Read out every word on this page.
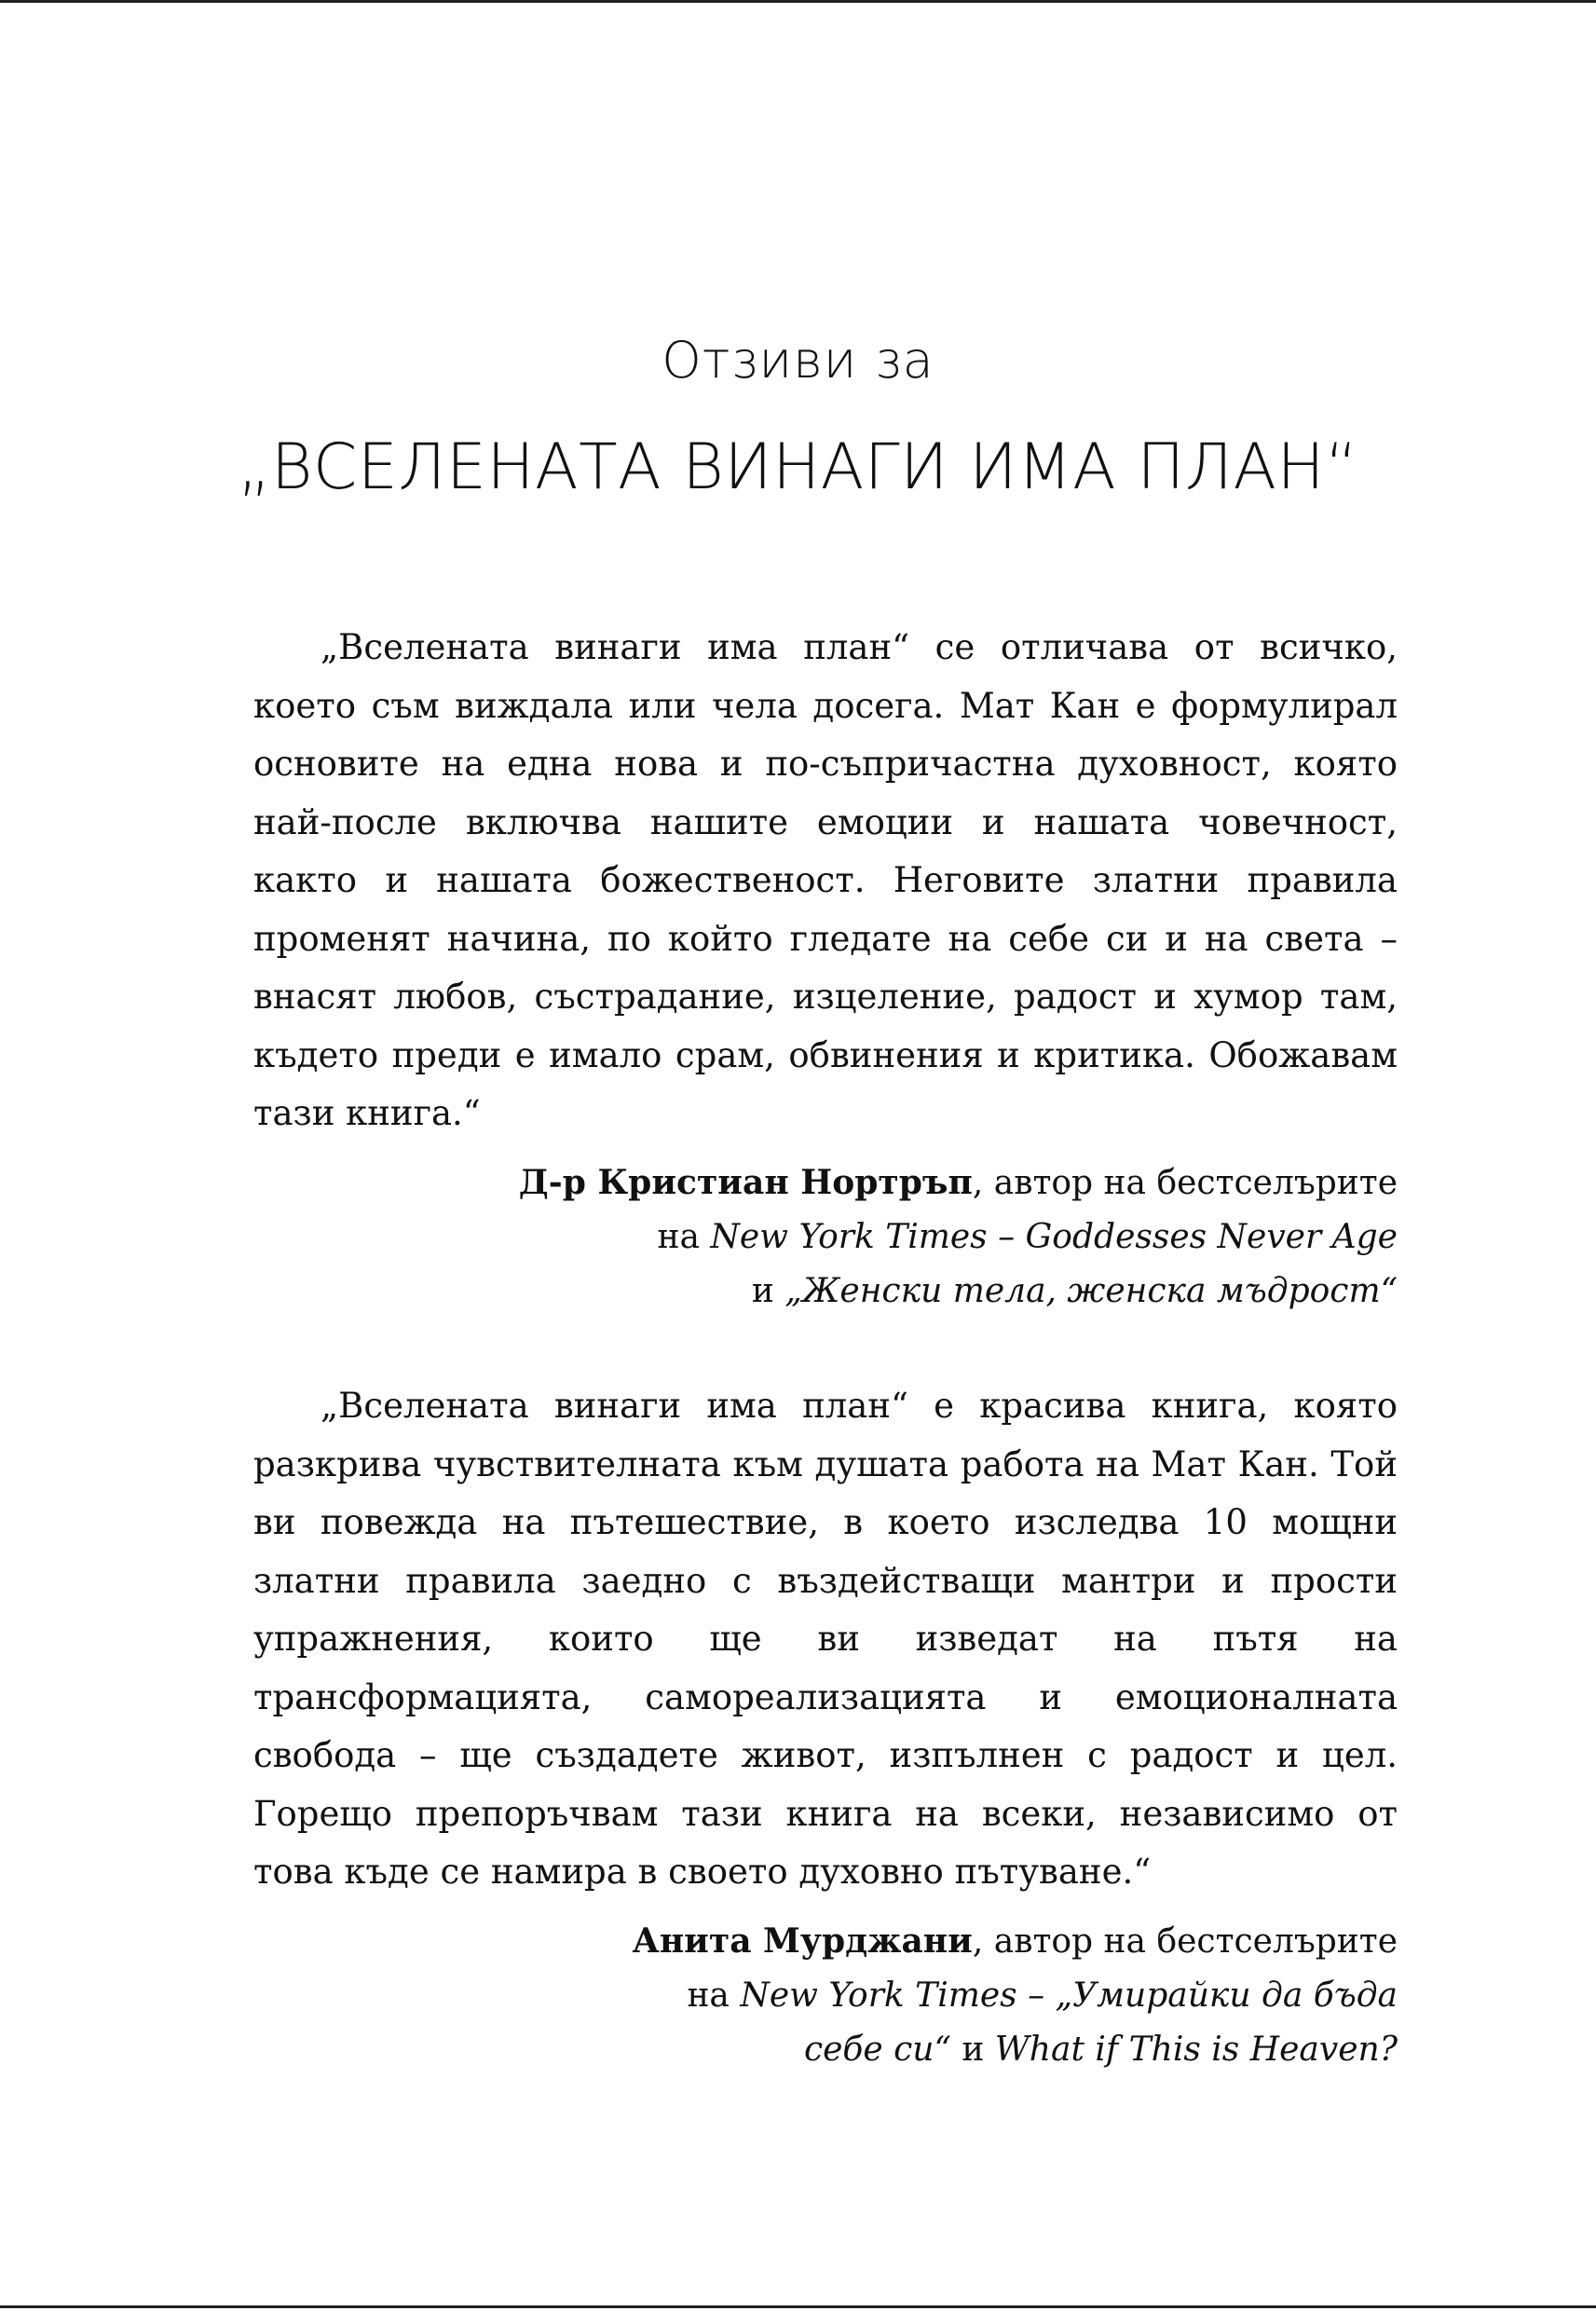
Отзиви за
„ВСЕЛЕНАТА ВИНАГИ ИМА ПЛАН“

„Вселената винаги има план“ се отличава от всичко, което съм виждала или чела досега. Мат Кан е формулирал основите на една нова и по-съпричастна духовност, която най-после включва нашите емоции и нашата човечност, както и нашата божественост. Неговите златни правила променят начина, по който гледате на себе си и на света – внасят любов, състрадание, изцеление, радост и хумор там, където преди е имало срам, обвинения и критика. Обожавам тази книга.“

Д-р Кристиан Нортръп, автор на бестселърите
на New York Times – Goddesses Never Age
и „Женски тела, женска мъдрост“

„Вселената винаги има план“ е красива книга, която разкрива чувствителната към душата работа на Мат Кан. Той ви повежда на пътешествие, в което изследва 10 мощни златни правила заедно с въздействащи мантри и прости упражнения, които ще ви изведат на пътя на трансформацията, самореализацията и емоционалната свобода – ще създадете живот, изпълнен с радост и цел. Горещо препоръчвам тази книга на всеки, независимо от това къде се намира в своето духовно пътуване.“

Анита Мурджани, автор на бестселърите
на New York Times – „Умирайки да бъда
себе си“ и What if This is Heaven?
